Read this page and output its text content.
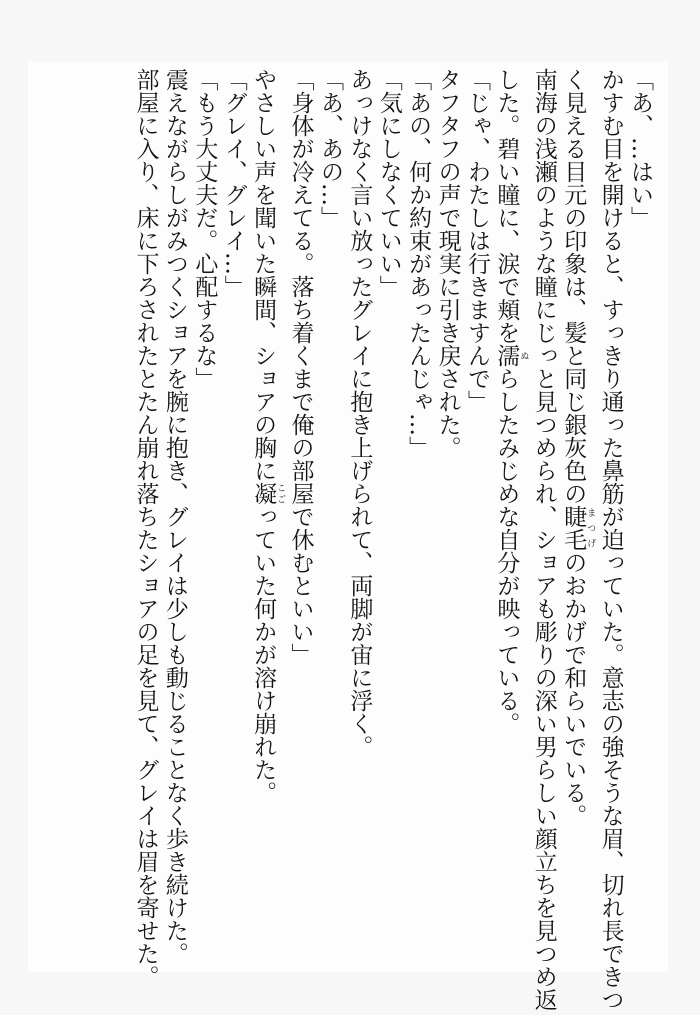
「あ、…はい」
かすむ目を開けると、すっきり通った鼻筋が迫っていた。意志の強そうな眉、切れ長できつ
く見える目元の印象は、髪と同じ銀灰色の睫毛 まつげのおかげで和らいでいる。
南海の浅瀬のような瞳にじっと見つめられ、ショアも彫りの深い男らしい顔立ちを見つめ返
した。碧い瞳に、涙で頬を濡 ぬらしたみじめな自分が映っている。
「じゃ、わたしは行きますんで」
タフタフの声で現実に引き戻された。
「あの、何か約束があったんじゃ…」
「気にしなくていい」
あっけなく言い放ったグレイに抱き上げられて、両脚が宙に浮く。
「あ、あの…」
「身体が冷えてる。落ち着くまで俺の部屋で休むといい」
やさしい声を聞いた瞬間、ショアの胸に凝 こごっていた何かが溶け崩れた。
「グレイ、グレイ…」
「もう大丈夫だ。心配するな」
震えながらしがみつくショアを腕に抱き、グレイは少しも動じることなく歩き続けた。
部屋に入り、床に下ろされたとたん崩れ落ちたショアの足を見て、グレイは眉を寄せた。
